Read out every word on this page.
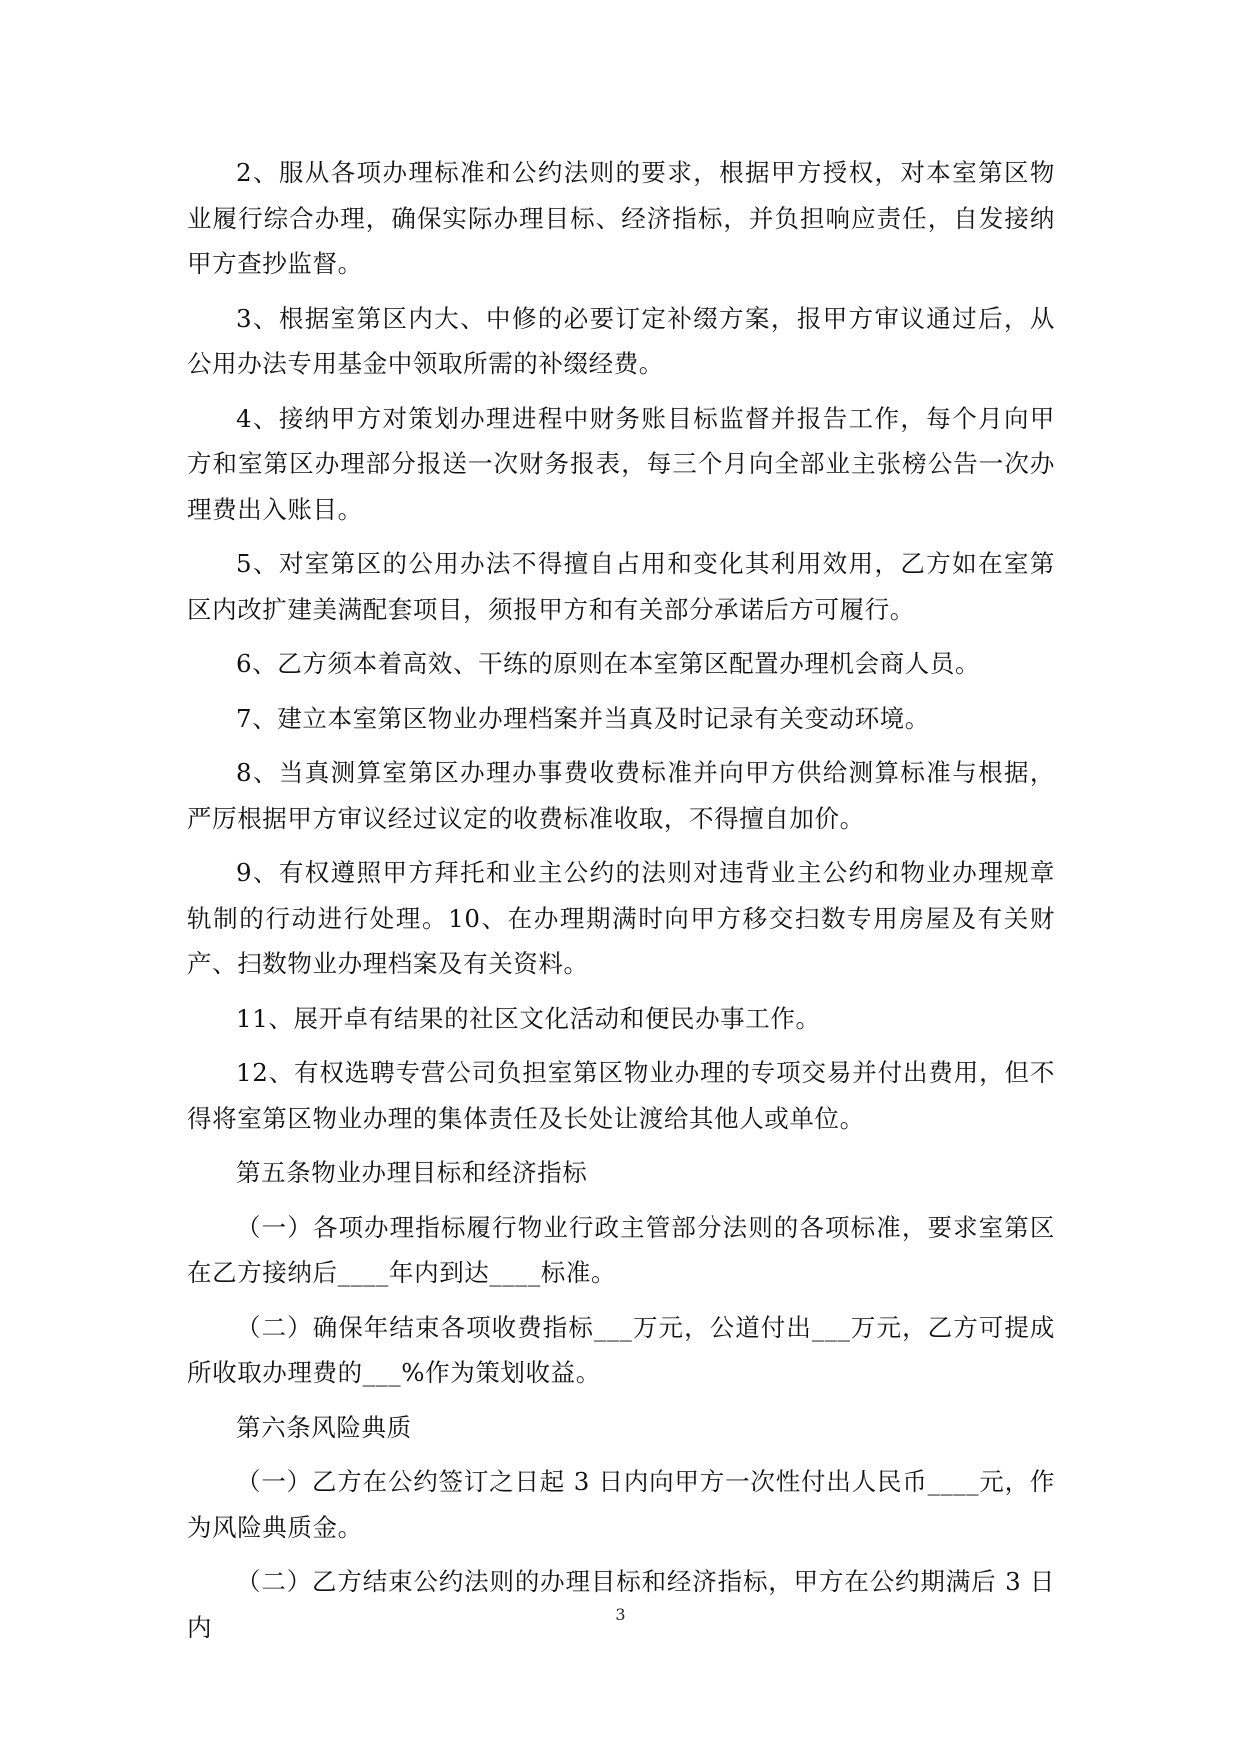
2、服从各项办理标准和公约法则的要求，根据甲方授权，对本室第区物业履行综合办理，确保实际办理目标、经济指标，并负担响应责任，自发接纳甲方查抄监督。

3、根据室第区内大、中修的必要订定补缀方案，报甲方审议通过后，从公用办法专用基金中领取所需的补缀经费。

4、接纳甲方对策划办理进程中财务账目标监督并报告工作，每个月向甲方和室第区办理部分报送一次财务报表，每三个月向全部业主张榜公告一次办理费出入账目。

5、对室第区的公用办法不得擅自占用和变化其利用效用，乙方如在室第区内改扩建美满配套项目，须报甲方和有关部分承诺后方可履行。

6、乙方须本着高效、干练的原则在本室第区配置办理机会商人员。

7、建立本室第区物业办理档案并当真及时记录有关变动环境。

8、当真测算室第区办理办事费收费标准并向甲方供给测算标准与根据，严厉根据甲方审议经过议定的收费标准收取，不得擅自加价。

9、有权遵照甲方拜托和业主公约的法则对违背业主公约和物业办理规章轨制的行动进行处理。10、在办理期满时向甲方移交扫数专用房屋及有关财产、扫数物业办理档案及有关资料。

11、展开卓有结果的社区文化活动和便民办事工作。

12、有权选聘专营公司负担室第区物业办理的专项交易并付出费用，但不得将室第区物业办理的集体责任及长处让渡给其他人或单位。

第五条物业办理目标和经济指标

（一）各项办理指标履行物业行政主管部分法则的各项标准，要求室第区在乙方接纳后____年内到达____标准。

（二）确保年结束各项收费指标___万元，公道付出___万元，乙方可提成所收取办理费的___%作为策划收益。

第六条风险典质

（一）乙方在公约签订之日起 3 日内向甲方一次性付出人民币____元，作为风险典质金。

（二）乙方结束公约法则的办理目标和经济指标，甲方在公约期满后 3 日内	3
